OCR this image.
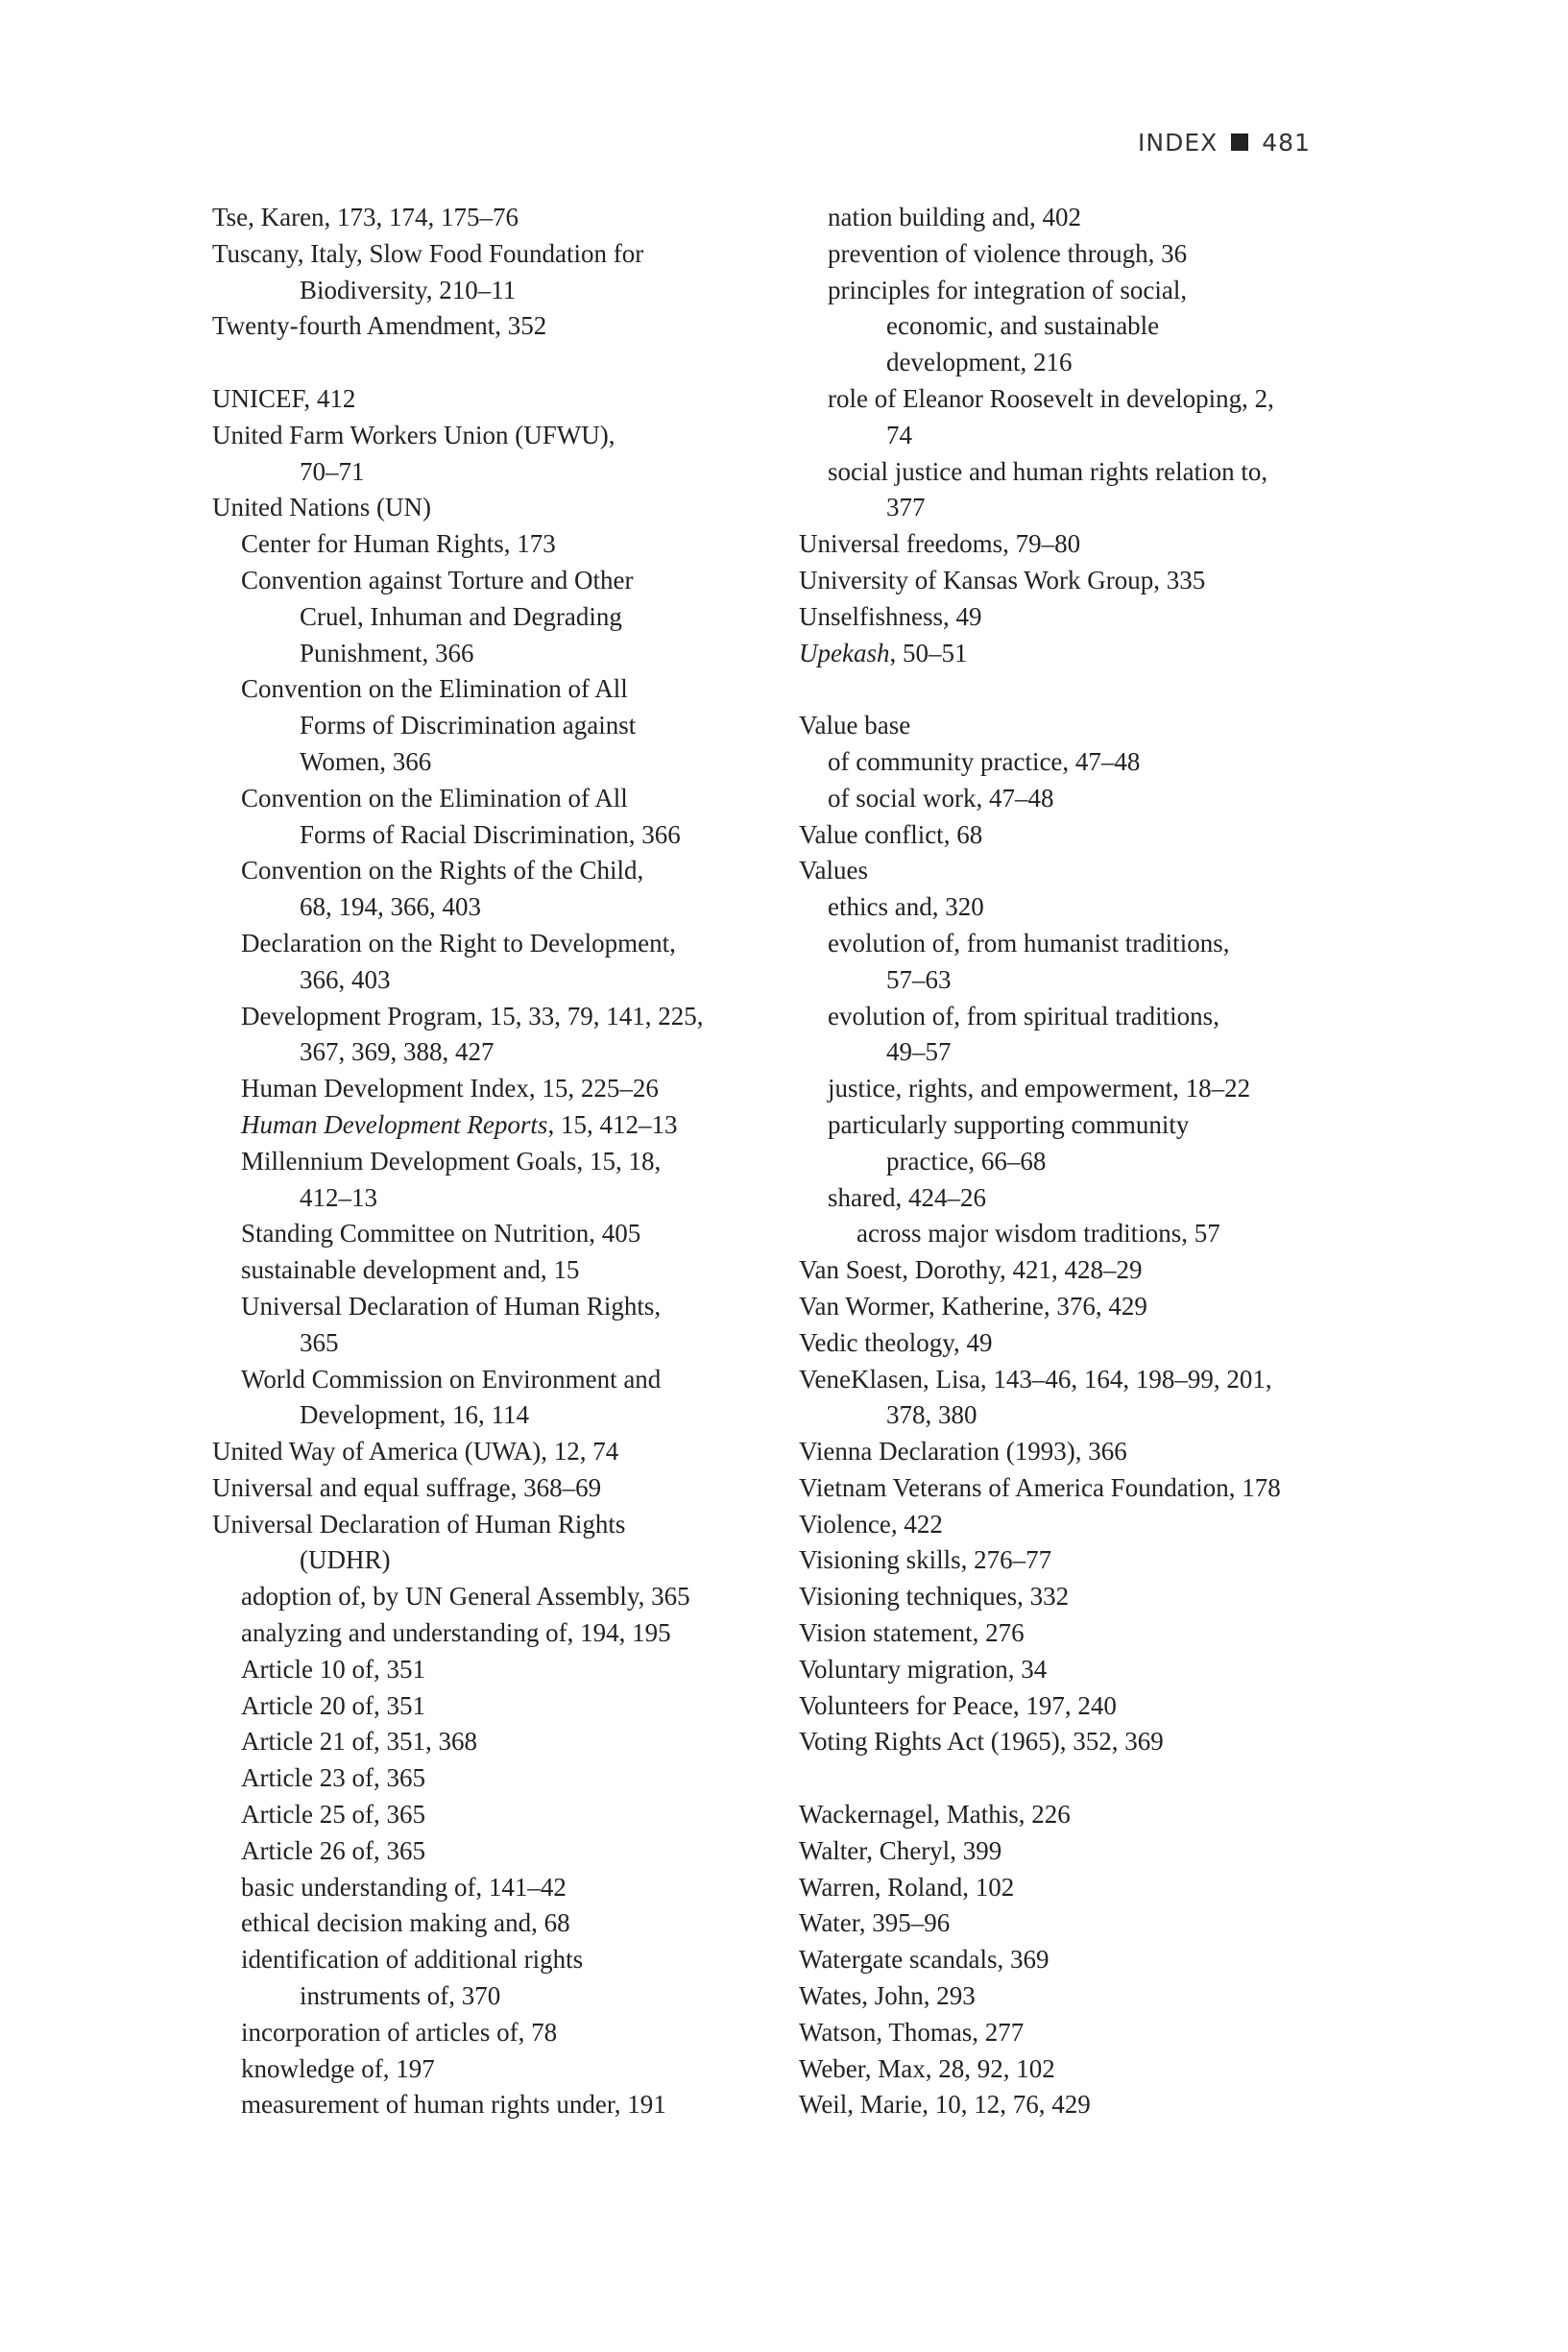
INDEX 481
Tse, Karen, 173, 174, 175–76
Tuscany, Italy, Slow Food Foundation for
Biodiversity, 210–11
Twenty-fourth Amendment, 352
UNICEF, 412
United Farm Workers Union (UFWU),
70–71
United Nations (UN)
Center for Human Rights, 173
Convention against Torture and Other
Cruel, Inhuman and Degrading
Punishment, 366
Convention on the Elimination of All
Forms of Discrimination against
Women, 366
Convention on the Elimination of All
Forms of Racial Discrimination, 366
Convention on the Rights of the Child,
68, 194, 366, 403
Declaration on the Right to Development,
366, 403
Development Program, 15, 33, 79, 141, 225,
367, 369, 388, 427
Human Development Index, 15, 225–26
Human Development Reports, 15, 412–13
Millennium Development Goals, 15, 18,
412–13
Standing Committee on Nutrition, 405
sustainable development and, 15
Universal Declaration of Human Rights,
365
World Commission on Environment and
Development, 16, 114
United Way of America (UWA), 12, 74
Universal and equal suffrage, 368–69
Universal Declaration of Human Rights
(UDHR)
adoption of, by UN General Assembly, 365
analyzing and understanding of, 194, 195
Article 10 of, 351
Article 20 of, 351
Article 21 of, 351, 368
Article 23 of, 365
Article 25 of, 365
Article 26 of, 365
basic understanding of, 141–42
ethical decision making and, 68
identification of additional rights
instruments of, 370
incorporation of articles of, 78
knowledge of, 197
measurement of human rights under, 191
nation building and, 402
prevention of violence through, 36
principles for integration of social,
economic, and sustainable
development, 216
role of Eleanor Roosevelt in developing, 2,
74
social justice and human rights relation to,
377
Universal freedoms, 79–80
University of Kansas Work Group, 335
Unselfishness, 49
Upekash, 50–51
Value base
of community practice, 47–48
of social work, 47–48
Value conflict, 68
Values
ethics and, 320
evolution of, from humanist traditions,
57–63
evolution of, from spiritual traditions,
49–57
justice, rights, and empowerment, 18–22
particularly supporting community
practice, 66–68
shared, 424–26
across major wisdom traditions, 57
Van Soest, Dorothy, 421, 428–29
Van Wormer, Katherine, 376, 429
Vedic theology, 49
VeneKlasen, Lisa, 143–46, 164, 198–99, 201,
378, 380
Vienna Declaration (1993), 366
Vietnam Veterans of America Foundation, 178
Violence, 422
Visioning skills, 276–77
Visioning techniques, 332
Vision statement, 276
Voluntary migration, 34
Volunteers for Peace, 197, 240
Voting Rights Act (1965), 352, 369
Wackernagel, Mathis, 226
Walter, Cheryl, 399
Warren, Roland, 102
Water, 395–96
Watergate scandals, 369
Wates, John, 293
Watson, Thomas, 277
Weber, Max, 28, 92, 102
Weil, Marie, 10, 12, 76, 429
